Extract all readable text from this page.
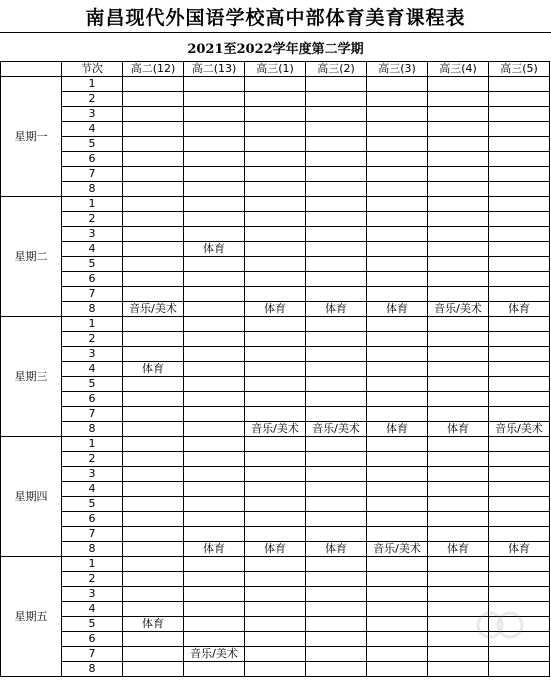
南昌现代外国语学校高中部体育美育课程表
2021至2022学年度第二学期
	节次	高二(12)	高二(13)	高三(1)	高三(2)	高三(3)	高三(4)	高三(5)
星期一	1							
	2							
	3							
	4							
	5							
	6							
	7							
	8							
星期二	1							
	2							
	3							
	4		体育					
	5							
	6							
	7							
	8	音乐/美术		体育	体育	体育	音乐/美术	体育
星期三	1							
	2							
	3							
	4	体育						
	5							
	6							
	7							
	8			音乐/美术	音乐/美术	体育	体育	音乐/美术
星期四	1							
	2							
	3							
	4							
	5							
	6							
	7							
	8		体育	体育	体育	音乐/美术	体育	体育
星期五	1							
	2							
	3							
	4							
	5	体育						
	6							
	7		音乐/美术					
	8							
